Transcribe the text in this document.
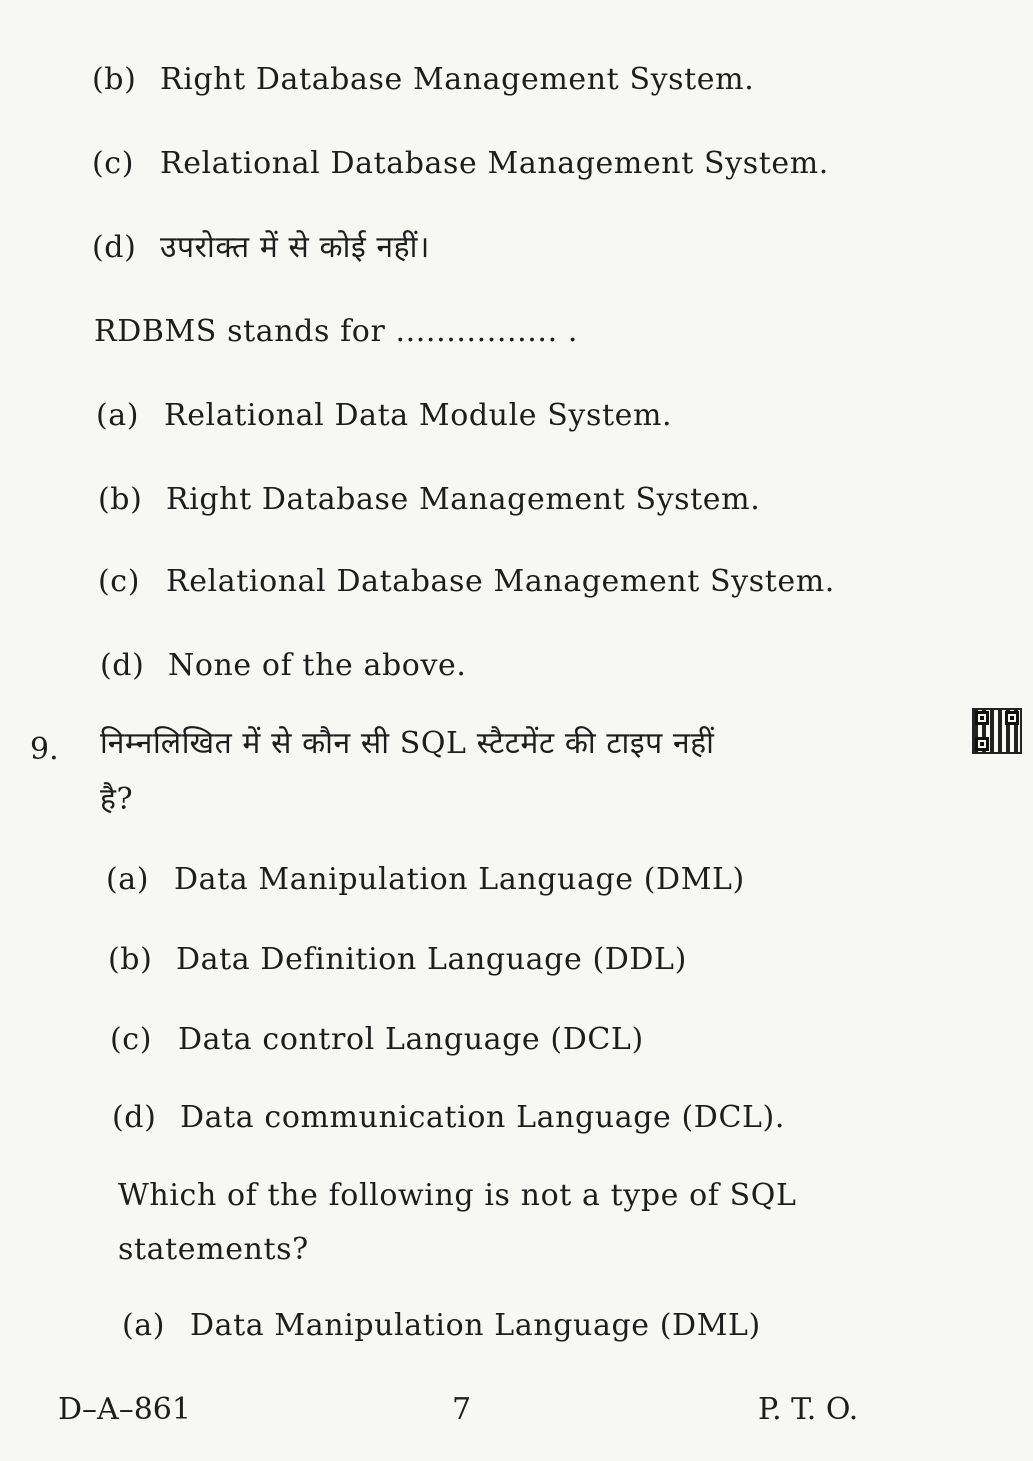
(b) Right Database Management System.
(c) Relational Database Management System.
(d) उपरोक्त में से कोई नहीं।
RDBMS stands for ................ .
(a) Relational Data Module System.
(b) Right Database Management System.
(c) Relational Database Management System.
(d) None of the above.
9. निम्नलिखित में से कौन सी SQL स्टैटमेंट की टाइप नहीं
है?
(a) Data Manipulation Language (DML)
(b) Data Definition Language (DDL)
(c) Data control Language (DCL)
(d) Data communication Language (DCL).
Which of the following is not a type of SQL
statements?
(a) Data Manipulation Language (DML)
D–A–861	7	P. T. O.
